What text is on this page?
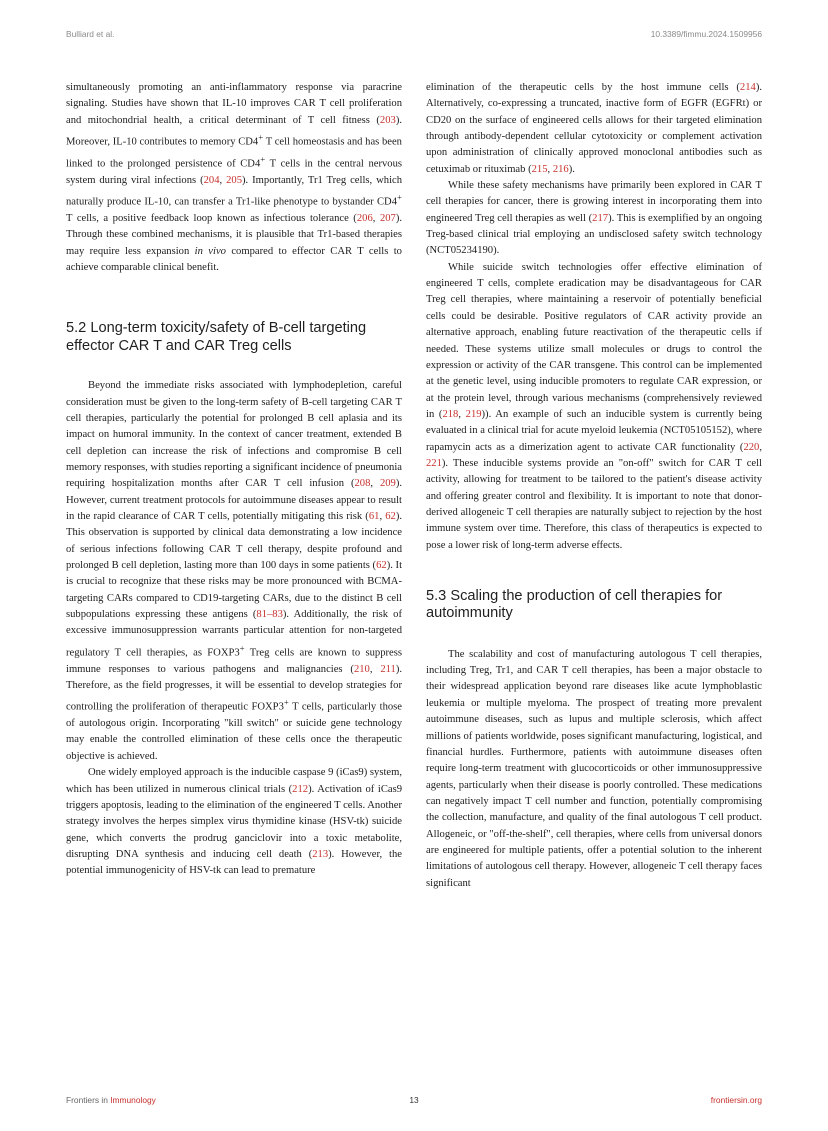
Bulliard et al.	10.3389/fimmu.2024.1509956

simultaneously promoting an anti-inflammatory response via paracrine signaling. Studies have shown that IL-10 improves CAR T cell proliferation and mitochondrial health, a critical determinant of T cell fitness (203). Moreover, IL-10 contributes to memory CD4+ T cell homeostasis and has been linked to the prolonged persistence of CD4+ T cells in the central nervous system during viral infections (204, 205). Importantly, Tr1 Treg cells, which naturally produce IL-10, can transfer a Tr1-like phenotype to bystander CD4+ T cells, a positive feedback loop known as infectious tolerance (206, 207). Through these combined mechanisms, it is plausible that Tr1-based therapies may require less expansion in vivo compared to effector CAR T cells to achieve comparable clinical benefit.

5.2 Long-term toxicity/safety of B-cell targeting effector CAR T and CAR Treg cells

Beyond the immediate risks associated with lymphodepletion, careful consideration must be given to the long-term safety of B-cell targeting CAR T cell therapies, particularly the potential for prolonged B cell aplasia and its impact on humoral immunity. In the context of cancer treatment, extended B cell depletion can increase the risk of infections and compromise B cell memory responses, with studies reporting a significant incidence of pneumonia requiring hospitalization months after CAR T cell infusion (208, 209). However, current treatment protocols for autoimmune diseases appear to result in the rapid clearance of CAR T cells, potentially mitigating this risk (61, 62). This observation is supported by clinical data demonstrating a low incidence of serious infections following CAR T cell therapy, despite profound and prolonged B cell depletion, lasting more than 100 days in some patients (62). It is crucial to recognize that these risks may be more pronounced with BCMA-targeting CARs compared to CD19-targeting CARs, due to the distinct B cell subpopulations expressing these antigens (81–83). Additionally, the risk of excessive immunosuppression warrants particular attention for non-targeted regulatory T cell therapies, as FOXP3+ Treg cells are known to suppress immune responses to various pathogens and malignancies (210, 211). Therefore, as the field progresses, it will be essential to develop strategies for controlling the proliferation of therapeutic FOXP3+ T cells, particularly those of autologous origin. Incorporating "kill switch" or suicide gene technology may enable the controlled elimination of these cells once the therapeutic objective is achieved.

One widely employed approach is the inducible caspase 9 (iCas9) system, which has been utilized in numerous clinical trials (212). Activation of iCas9 triggers apoptosis, leading to the elimination of the engineered T cells. Another strategy involves the herpes simplex virus thymidine kinase (HSV-tk) suicide gene, which converts the prodrug ganciclovir into a toxic metabolite, disrupting DNA synthesis and inducing cell death (213). However, the potential immunogenicity of HSV-tk can lead to premature

elimination of the therapeutic cells by the host immune cells (214). Alternatively, co-expressing a truncated, inactive form of EGFR (EGFRt) or CD20 on the surface of engineered cells allows for their targeted elimination through antibody-dependent cellular cytotoxicity or complement activation upon administration of clinically approved monoclonal antibodies such as cetuximab or rituximab (215, 216).

While these safety mechanisms have primarily been explored in CAR T cell therapies for cancer, there is growing interest in incorporating them into engineered Treg cell therapies as well (217). This is exemplified by an ongoing Treg-based clinical trial employing an undisclosed safety switch technology (NCT05234190).

While suicide switch technologies offer effective elimination of engineered T cells, complete eradication may be disadvantageous for CAR Treg cell therapies, where maintaining a reservoir of potentially beneficial cells could be desirable. Positive regulators of CAR activity provide an alternative approach, enabling future reactivation of the therapeutic cells if needed. These systems utilize small molecules or drugs to control the expression or activity of the CAR transgene. This control can be implemented at the genetic level, using inducible promoters to regulate CAR expression, or at the protein level, through various mechanisms (comprehensively reviewed in (218, 219)). An example of such an inducible system is currently being evaluated in a clinical trial for acute myeloid leukemia (NCT05105152), where rapamycin acts as a dimerization agent to activate CAR functionality (220, 221). These inducible systems provide an "on-off" switch for CAR T cell activity, allowing for treatment to be tailored to the patient's disease activity and offering greater control and flexibility. It is important to note that donor-derived allogeneic T cell therapies are naturally subject to rejection by the host immune system over time. Therefore, this class of therapeutics is expected to pose a lower risk of long-term adverse effects.

5.3 Scaling the production of cell therapies for autoimmunity

The scalability and cost of manufacturing autologous T cell therapies, including Treg, Tr1, and CAR T cell therapies, has been a major obstacle to their widespread application beyond rare diseases like acute lymphoblastic leukemia or multiple myeloma. The prospect of treating more prevalent autoimmune diseases, such as lupus and multiple sclerosis, which affect millions of patients worldwide, poses significant manufacturing, logistical, and financial hurdles. Furthermore, patients with autoimmune diseases often require long-term treatment with glucocorticoids or other immunosuppressive agents, particularly when their disease is poorly controlled. These medications can negatively impact T cell number and function, potentially compromising the collection, manufacture, and quality of the final autologous T cell product. Allogeneic, or "off-the-shelf", cell therapies, where cells from universal donors are engineered for multiple patients, offer a potential solution to the inherent limitations of autologous cell therapy. However, allogeneic T cell therapy faces significant

Frontiers in Immunology	13	frontiersin.org
